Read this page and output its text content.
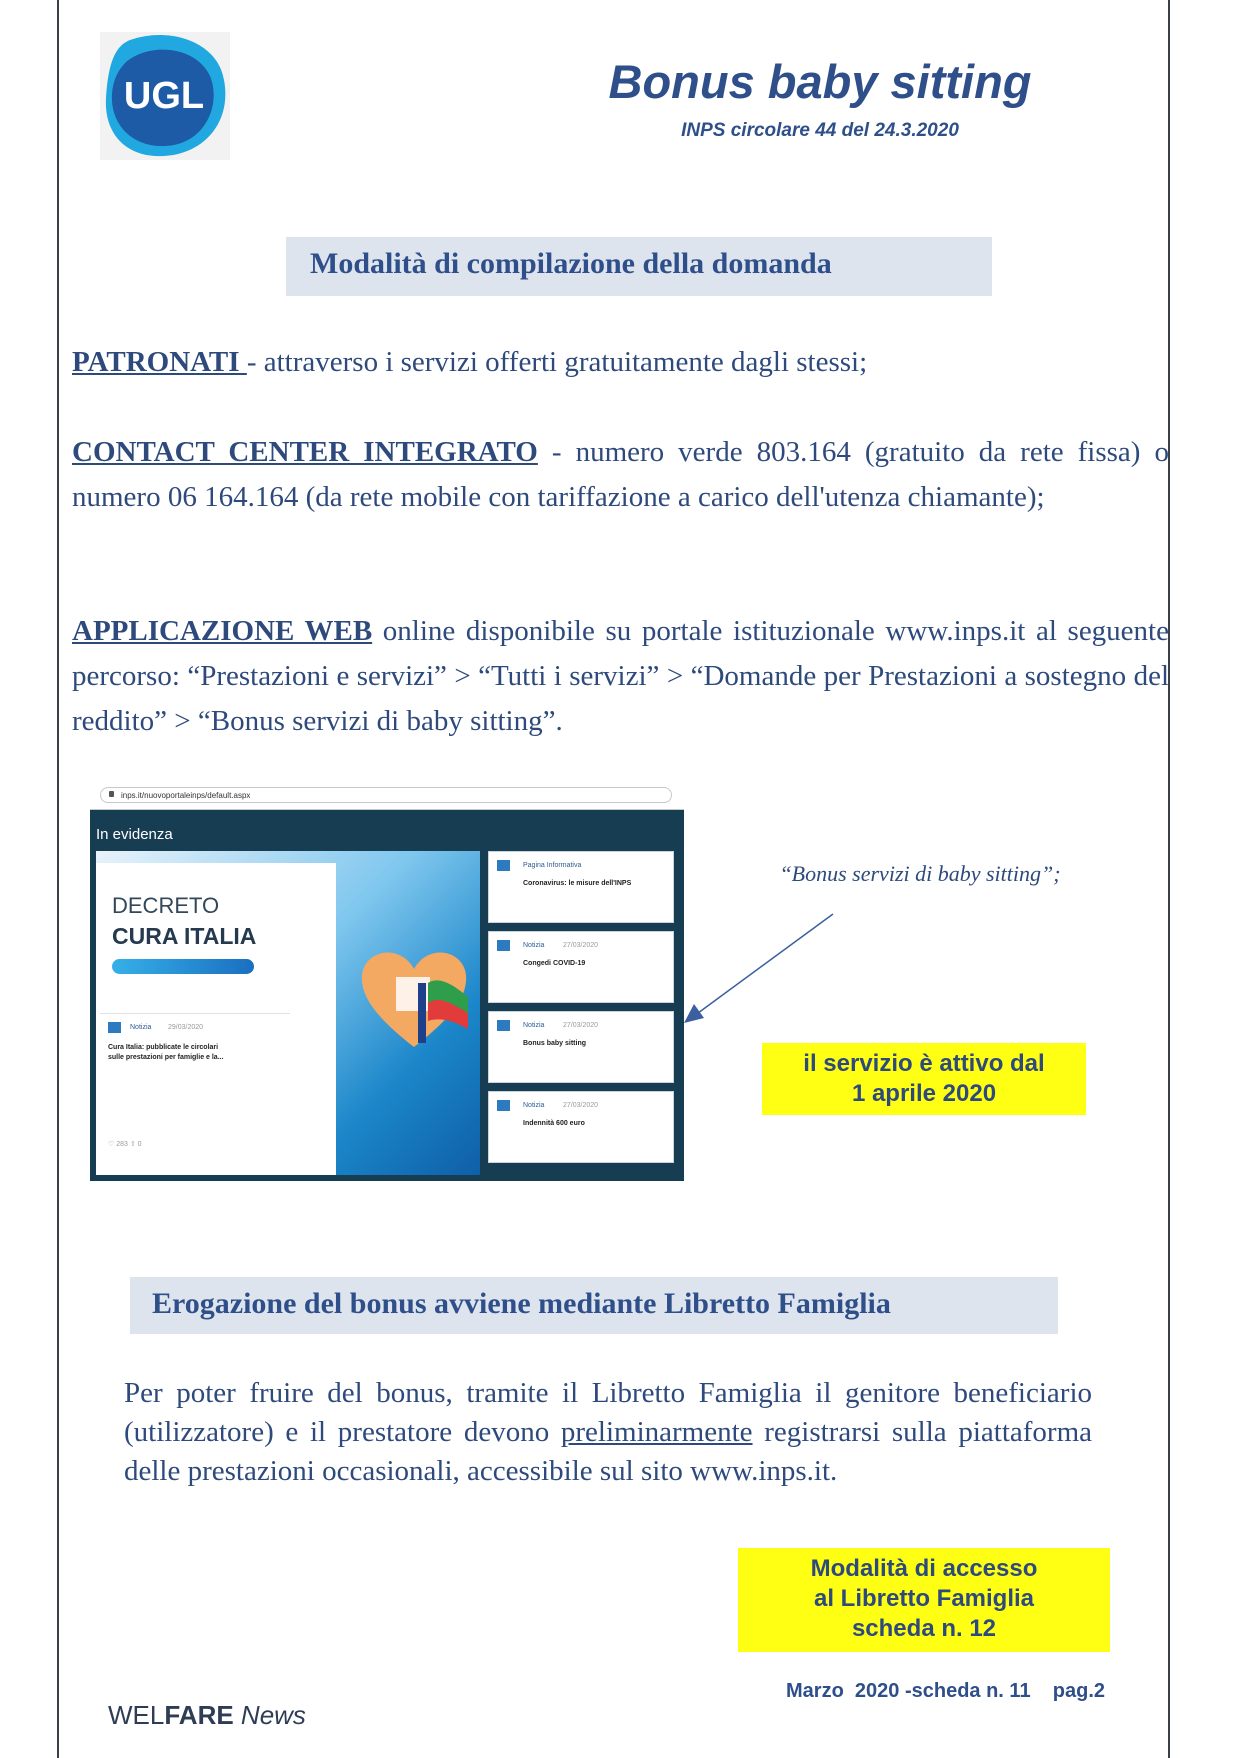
UGL	Bonus baby sitting
INPS circolare 44 del 24.3.2020
Modalità di compilazione della domanda
PATRONATI - attraverso i servizi offerti gratuitamente dagli stessi;
CONTACT CENTER INTEGRATO - numero verde 803.164 (gratuito da rete fissa) o numero 06 164.164 (da rete mobile con tariffazione a carico dell'utenza chiamante);
APPLICAZIONE WEB online disponibile su portale istituzionale www.inps.it al seguente percorso: “Prestazioni e servizi” > “Tutti i servizi” > “Domande per Prestazioni a sostegno del reddito” > “Bonus servizi di baby sitting”.
inps.it/nuovoportaleinps/default.aspx
In evidenza
DECRETO
CURA ITALIA
Notizia 29/03/2020
Cura Italia: pubblicate le circolari
sulle prestazioni per famiglie e la...
♡ 283 ⇧ 0
Pagina Informativa
Coronavirus: le misure dell'INPS
Notizia	27/03/2020
Congedi COVID-19
Notizia	27/03/2020
Bonus baby sitting
Notizia	27/03/2020
Indennità 600 euro
“Bonus servizi di baby sitting”;
il servizio è attivo dal
1 aprile 2020
Erogazione del bonus avviene mediante Libretto Famiglia
Per poter fruire del bonus, tramite il Libretto Famiglia il genitore beneficiario (utilizzatore) e il prestatore devono preliminarmente registrarsi sulla piattaforma delle prestazioni occasionali, accessibile sul sito www.inps.it.
Modalità di accesso
al Libretto Famiglia
scheda n. 12
WELFARE News
Marzo  2020 -scheda n. 11    pag.2
